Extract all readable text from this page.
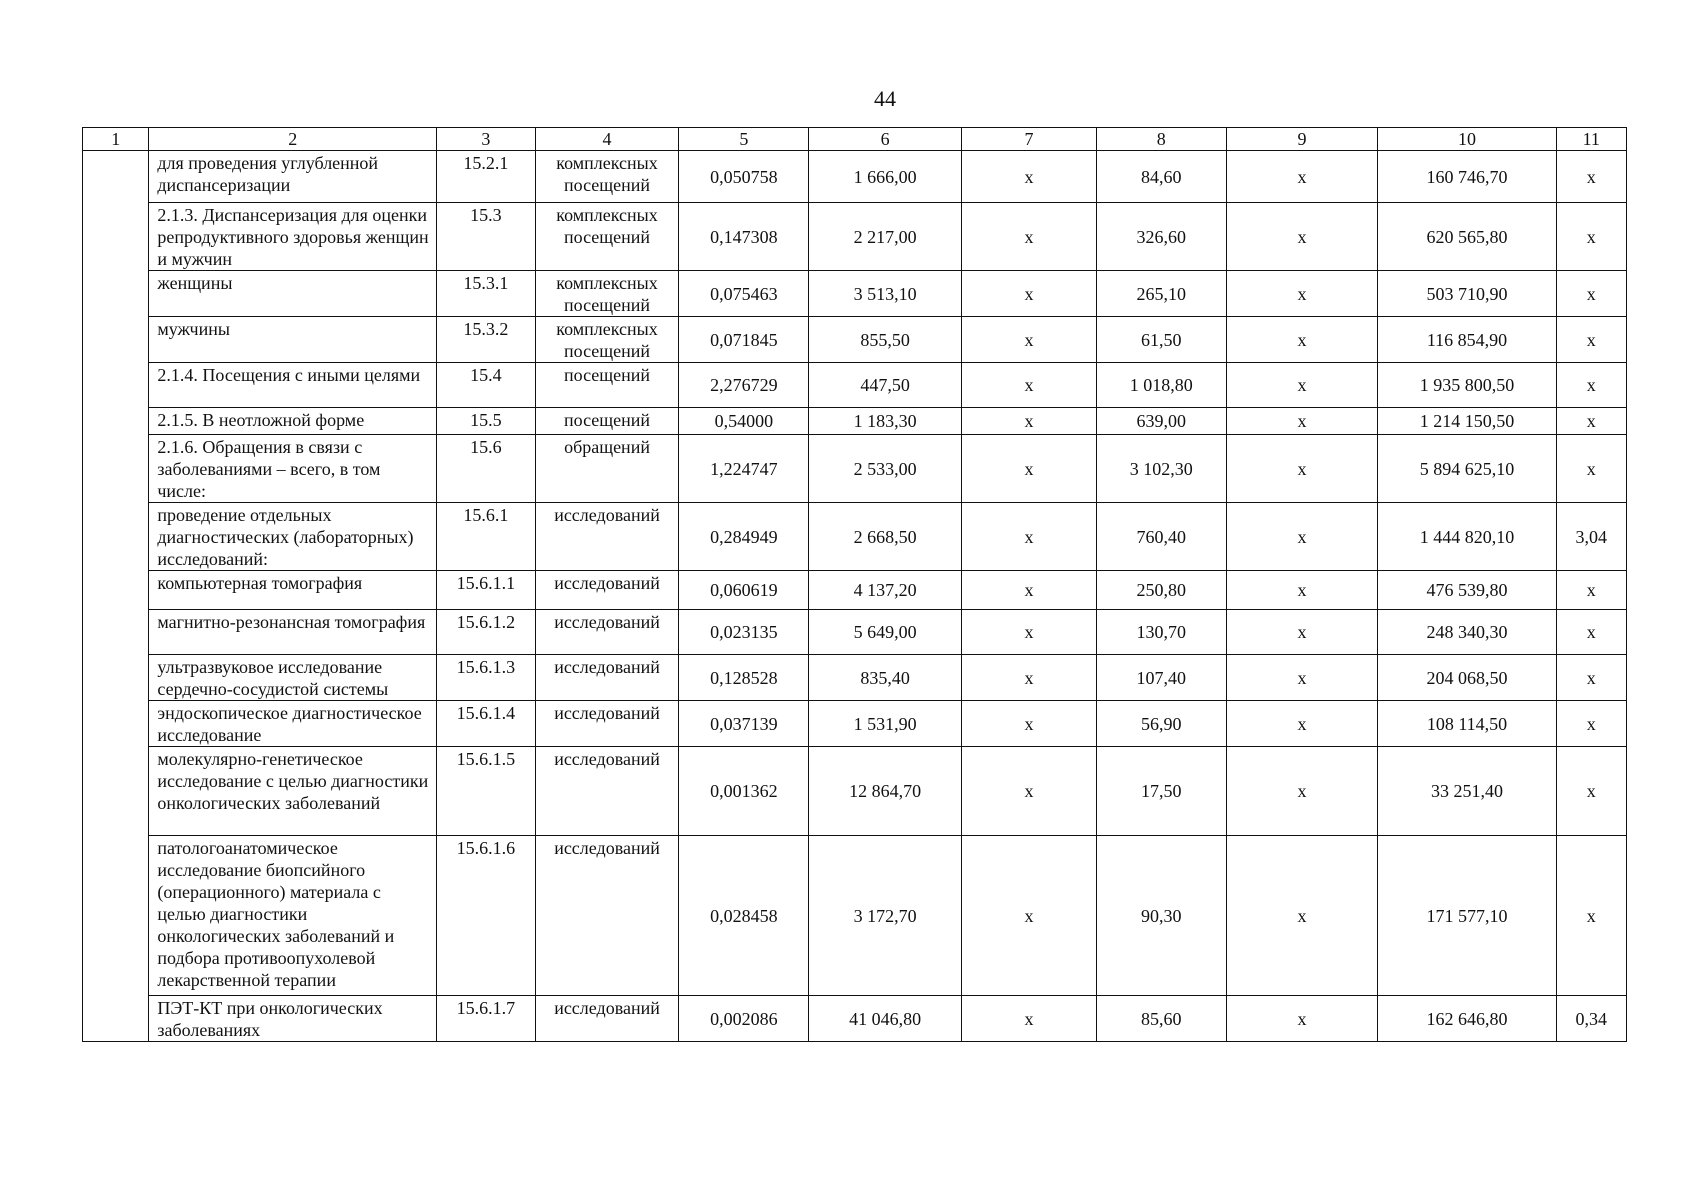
44
1	2	3	4	5	6	7	8	9	10	11
	для проведения углубленной диспансеризации	15.2.1	комплексных посещений	0,050758	1 666,00	х	84,60	х	160 746,70	х
	2.1.3. Диспансеризация для оценки репродуктивного здоровья женщин и мужчин	15.3	комплексных посещений	0,147308	2 217,00	х	326,60	х	620 565,80	х
	женщины	15.3.1	комплексных посещений	0,075463	3 513,10	х	265,10	х	503 710,90	х
	мужчины	15.3.2	комплексных посещений	0,071845	855,50	х	61,50	х	116 854,90	х
	2.1.4. Посещения с иными целями	15.4	посещений	2,276729	447,50	х	1 018,80	х	1 935 800,50	х
	2.1.5. В неотложной форме	15.5	посещений	0,54000	1 183,30	х	639,00	х	1 214 150,50	х
	2.1.6. Обращения в связи с заболеваниями – всего, в том числе:	15.6	обращений	1,224747	2 533,00	х	3 102,30	х	5 894 625,10	х
	проведение отдельных диагностических (лабораторных) исследований:	15.6.1	исследований	0,284949	2 668,50	х	760,40	х	1 444 820,10	3,04
	компьютерная томография	15.6.1.1	исследований	0,060619	4 137,20	х	250,80	х	476 539,80	х
	магнитно-резонансная томография	15.6.1.2	исследований	0,023135	5 649,00	х	130,70	х	248 340,30	х
	ультразвуковое исследование сердечно-сосудистой системы	15.6.1.3	исследований	0,128528	835,40	х	107,40	х	204 068,50	х
	эндоскопическое диагностическое исследование	15.6.1.4	исследований	0,037139	1 531,90	х	56,90	х	108 114,50	х
	молекулярно-генетическое исследование с целью диагностики онкологических заболеваний	15.6.1.5	исследований	0,001362	12 864,70	х	17,50	х	33 251,40	х
	патологоанатомическое исследование биопсийного (операционного) материала с целью диагностики онкологических заболеваний и подбора противоопухолевой лекарственной терапии	15.6.1.6	исследований	0,028458	3 172,70	х	90,30	х	171 577,10	х
	ПЭТ-КТ при онкологических заболеваниях	15.6.1.7	исследований	0,002086	41 046,80	х	85,60	х	162 646,80	0,34
